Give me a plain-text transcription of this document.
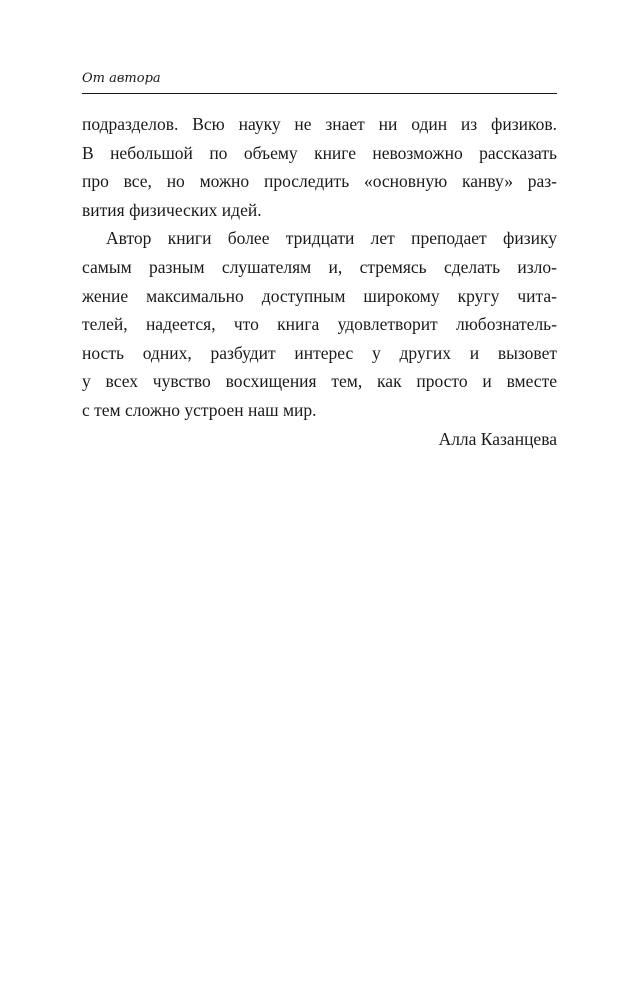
От автора
подразделов. Всю науку не знает ни один из физиков.
В небольшой по объему книге невозможно рассказать
про все, но можно проследить «основную канву» раз-
вития физических идей.
Автор книги более тридцати лет преподает физику
самым разным слушателям и, стремясь сделать изло-
жение максимально доступным широкому кругу чита-
телей, надеется, что книга удовлетворит любознатель-
ность одних, разбудит интерес у других и вызовет
у всех чувство восхищения тем, как просто и вместе
с тем сложно устроен наш мир.
Алла Казанцева
